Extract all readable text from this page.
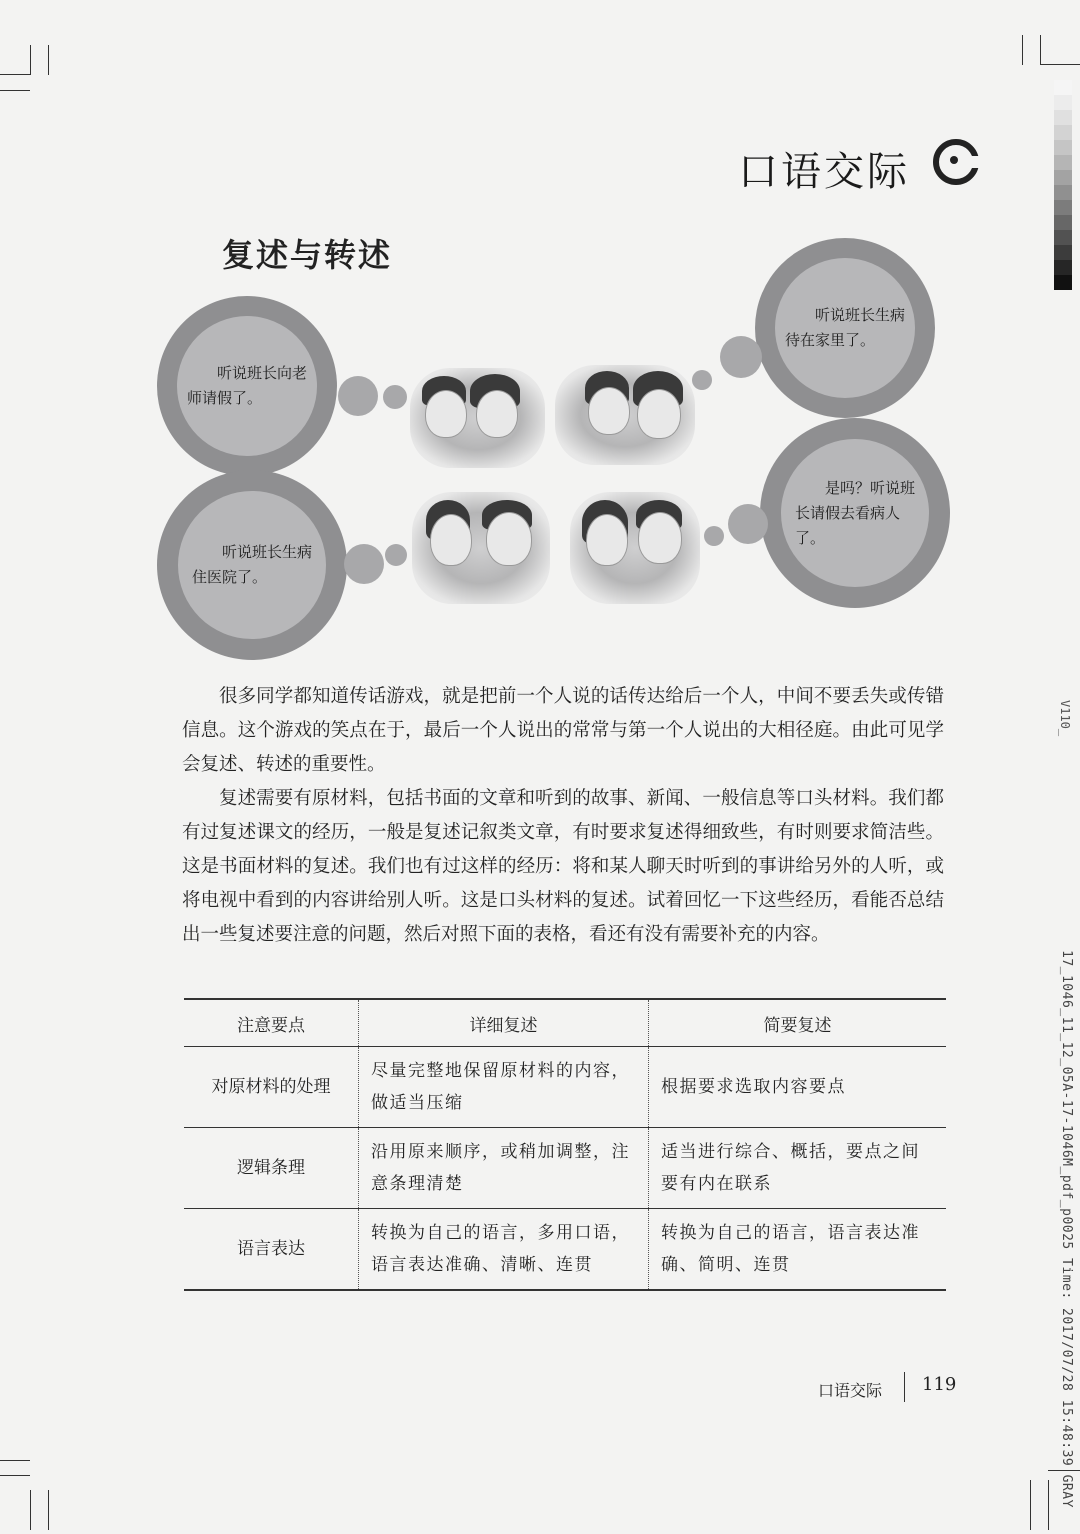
V110_
17_1046_11_12_05A-17-1046M_pdf_p0025 Time: 2017/07/28 15:48:39 GRAY
口语交际
复述与转述
听说班长向老师请假了。
听说班长生病待在家里了。
听说班长生病住医院了。
是吗？听说班长请假去看病人了。

很多同学都知道传话游戏，就是把前一个人说的话传达给后一个人，中间不要丢失或传错信息。这个游戏的笑点在于，最后一个人说出的常常与第一个人说出的大相径庭。由此可见学会复述、转述的重要性。

复述需要有原材料，包括书面的文章和听到的故事、新闻、一般信息等口头材料。我们都有过复述课文的经历，一般是复述记叙类文章，有时要求复述得细致些，有时则要求简洁些。这是书面材料的复述。我们也有过这样的经历：将和某人聊天时听到的事讲给另外的人听，或将电视中看到的内容讲给别人听。这是口头材料的复述。试着回忆一下这些经历，看能否总结出一些复述要注意的问题，然后对照下面的表格，看还有没有需要补充的内容。

注意要点	详细复述	简要复述
对原材料的处理	尽量完整地保留原材料的内容，做适当压缩	根据要求选取内容要点
逻辑条理	沿用原来顺序，或稍加调整，注意条理清楚	适当进行综合、概括，要点之间要有内在联系
语言表达	转换为自己的语言，多用口语，语言表达准确、清晰、连贯	转换为自己的语言，语言表达准确、简明、连贯
口语交际 119
